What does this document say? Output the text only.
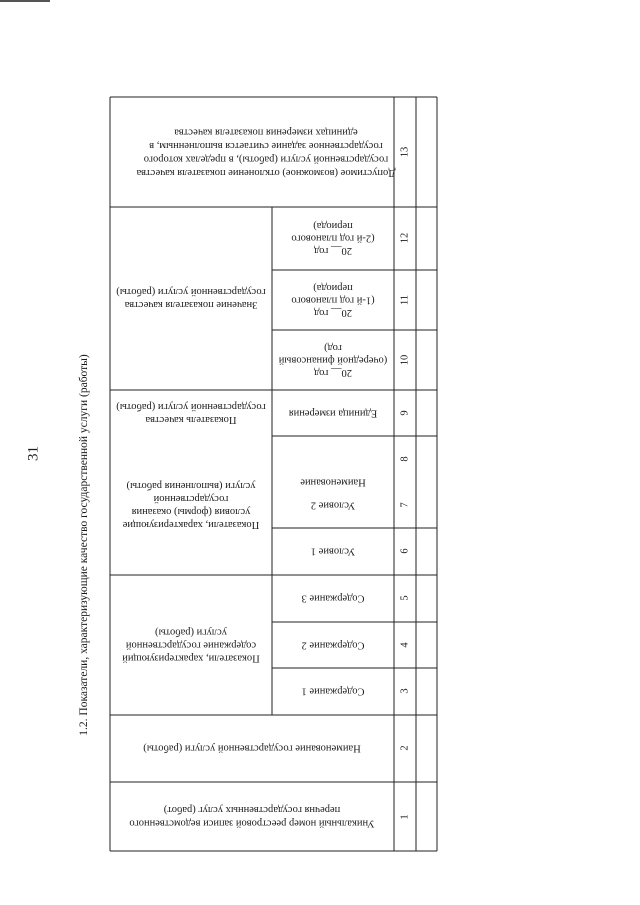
31	1.2. Показатели, характеризующие качество государственной услуги (работы)
Допустимое (возможное) отклонение показателя качества
государственной услуги (работы), в пределах которого
государственное задание считается выполненным, в
единицах измерения показателя качества
Значение показателя качества
государственной услуги (работы)
20__ год
(2-й год планового
периода)
20__ год
(1-й год планового
периода)
20__ год
(очередной финансовый
год)
Показатель качества
государственной услуги (работы)
Единица измерения
Наименование
Показатели, характеризующие
условия (формы) оказания
государственной
услуги (выполнения работы)
Условие 2
Условие 1
Показатели, характеризующий
содержание государственной
услуги (работы)
Содержание 3
Содержание 2
Содержание 1
Наименование государственной услуги (работы)
Уникальный номер реестровой записи ведомственного
перечня государственных услуг (работ)
1
2
3
4
5
6
7
8
9
10
11
12
13
